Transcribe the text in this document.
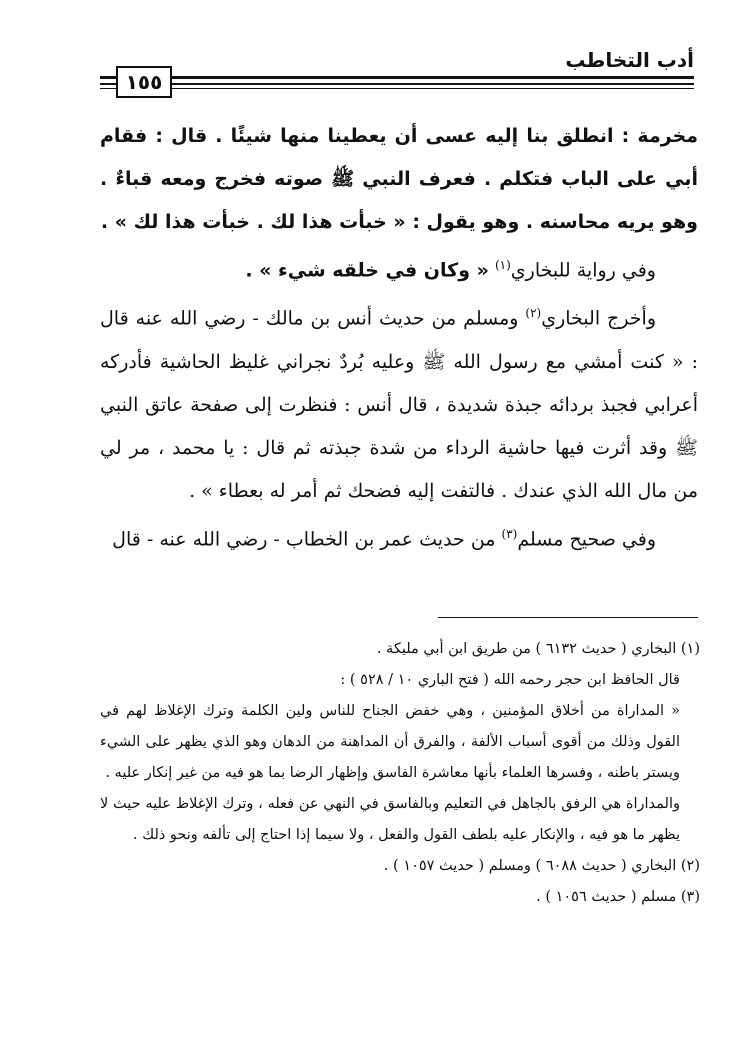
أدب التخاطب
١٥٥

مخرمة : انطلق بنا إليه عسى أن يعطينا منها شيئًا . قال : فقام أبي على الباب فتكلم . فعرف النبي ﷺ صوته فخرج ومعه قباءٌ . وهو يريه محاسنه . وهو يقول : « خبأت هذا لك . خبأت هذا لك » .

وفي رواية للبخاري$^{(١)}$ « وكان في خلقه شيء » .

وأخرج البخاري$^{(٢)}$ ومسلم من حديث أنس بن مالك - رضي الله عنه قال : « كنت أمشي مع رسول الله ﷺ وعليه بُردٌ نجراني غليظ الحاشية فأدركه أعرابي فجبذ بردائه جبذة شديدة ، قال أنس : فنظرت إلى صفحة عاتق النبي ﷺ وقد أثرت فيها حاشية الرداء من شدة جبذته ثم قال : يا محمد ، مر لي من مال الله الذي عندك . فالتفت إليه فضحك ثم أمر له بعطاء » .

وفي صحيح مسلم$^{(٣)}$ من حديث عمر بن الخطاب - رضي الله عنه - قال

(١) البخاري ( حديث ٦١٣٢ ) من طريق ابن أبي مليكة .

قال الحافظ ابن حجر رحمه الله ( فتح الباري ١٠ / ٥٢٨ ) :

« المداراة من أخلاق المؤمنين ، وهي خفض الجناح للناس ولين الكلمة وترك الإغلاظ لهم في القول وذلك من أقوى أسباب الألفة ، والفرق أن المداهنة من الدهان وهو الذي يظهر على الشيء ويستر باطنه ، وفسرها العلماء بأنها معاشرة الفاسق وإظهار الرضا بما هو فيه من غير إنكار عليه .

والمداراة هي الرفق بالجاهل في التعليم وبالفاسق في النهي عن فعله ، وترك الإغلاظ عليه حيث لا يظهر ما هو فيه ، والإنكار عليه بلطف القول والفعل ، ولا سيما إذا احتاج إلى تألفه ونحو ذلك .

(٢) البخاري ( حديث ٦٠٨٨ ) ومسلم ( حديث ١٠٥٧ ) .

(٣) مسلم ( حديث ١٠٥٦ ) .
